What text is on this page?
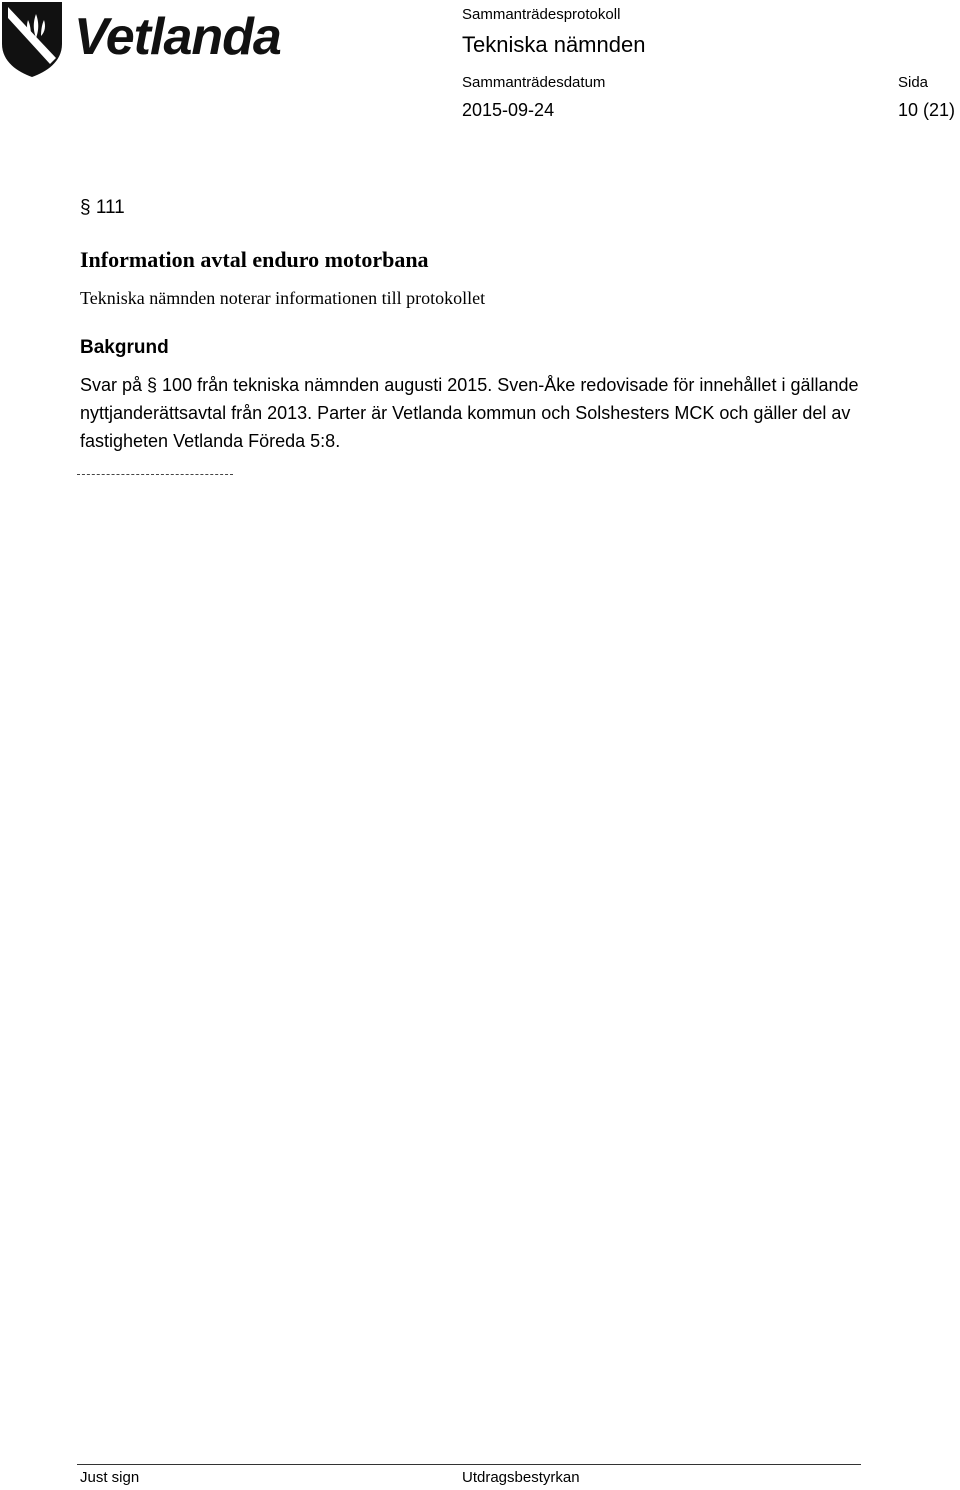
Vetlanda	Sammanträdesprotokoll
Tekniska nämnden
Sammanträdesdatum	Sida
2015-09-24	10 (21)
§ 111
Information avtal enduro motorbana
Tekniska nämnden noterar informationen till protokollet
Bakgrund
Svar på § 100 från tekniska nämnden augusti 2015. Sven-Åke redovisade för innehållet i gällande nyttjanderättsavtal från 2013. Parter är Vetlanda kommun och Solshesters MCK och gäller del av fastigheten Vetlanda Föreda 5:8.
Just sign	Utdragsbestyrkan
